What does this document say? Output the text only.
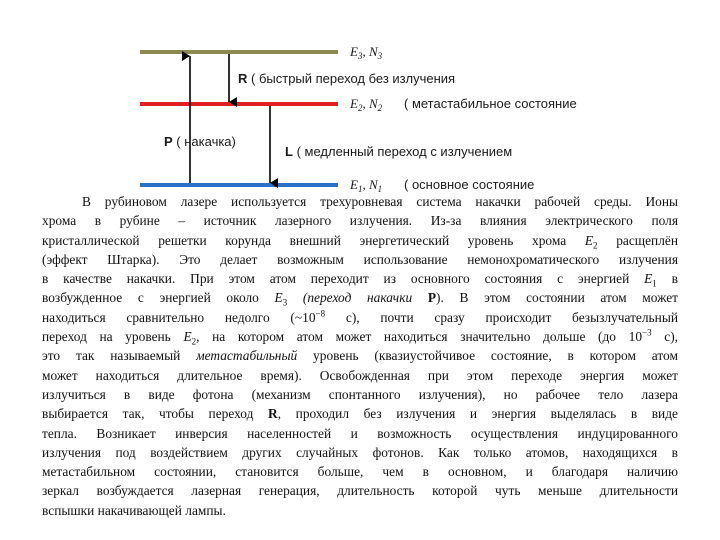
$E_3$, $N_3$
$E_2$, $N_2$ ( метастабильное состояние
$E_1$, $N_1$ ( основное состояние
R ( быстрый переход без излучения
P ( накачка)
L ( медленный переход с излучением
В рубиновом лазере используется трехуровневая система накачки рабочей среды. Ионы
хрома в рубине – источник лазерного излучения. Из-за влияния электрического поля
кристаллической решетки корунда внешний энергетический уровень хрома $E_2$ расщеплён
(эффект Штарка). Это делает возможным использование немонохроматического излучения
в качестве накачки. При этом атом переходит из основного состояния с энергией $E_1$ в
возбужденное с энергией около $E_3$ (переход накачки P). В этом состоянии атом может
находиться сравнительно недолго ($\sim 10^{-8}$ с), почти сразу происходит безызлучательный
переход на уровень $E_2$, на котором атом может находиться значительно дольше (до $10^{-3}$ с),
это так называемый метастабильный уровень (квазиустойчивое состояние, в котором атом
может находиться длительное время). Освобожденная при этом переходе энергия может
излучиться в виде фотона (механизм спонтанного излучения), но рабочее тело лазера
выбирается так, чтобы переход R, проходил без излучения и энергия выделялась в виде
тепла. Возникает инверсия населенностей и возможность осуществления индуцированного
излучения под воздействием других случайных фотонов. Как только атомов, находящихся в
метастабильном состоянии, становится больше, чем в основном, и благодаря наличию
зеркал возбуждается лазерная генерация, длительность которой чуть меньше длительности
вспышки накачивающей лампы.
